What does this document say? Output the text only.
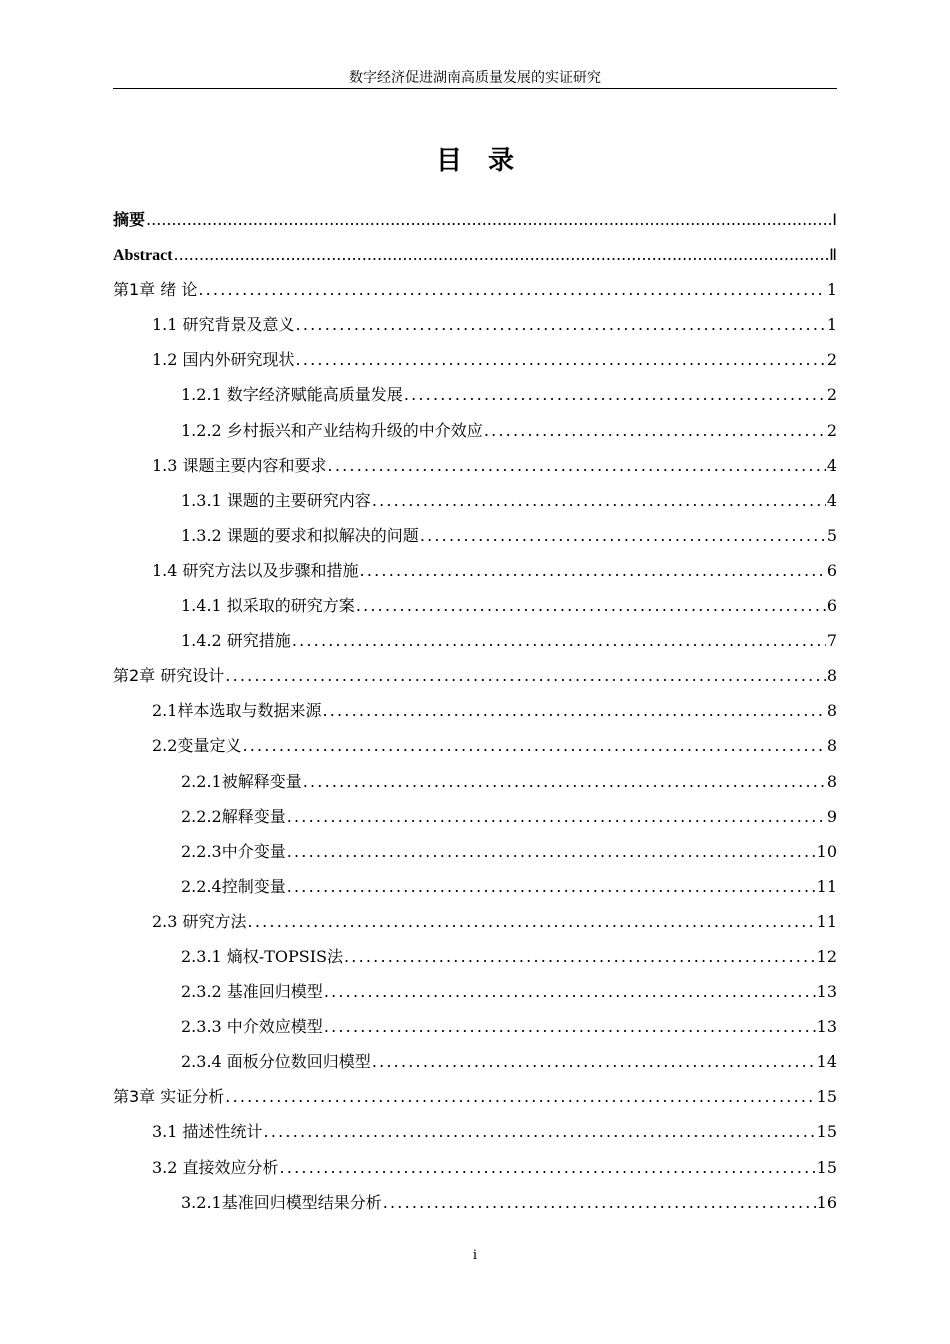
数字经济促进湖南高质量发展的实证研究
目录
摘要 .....	Ⅰ
Abstract .....	Ⅱ
第1章 绪 论 .....	1
1.1 研究背景及意义 .....	1
1.2 国内外研究现状 .....	2
1.2.1 数字经济赋能高质量发展 .....	2
1.2.2 乡村振兴和产业结构升级的中介效应 .....	2
1.3 课题主要内容和要求 .....	4
1.3.1 课题的主要研究内容 .....	4
1.3.2 课题的要求和拟解决的问题 .....	5
1.4 研究方法以及步骤和措施 .....	6
1.4.1 拟采取的研究方案 .....	6
1.4.2 研究措施 .....	7
第2章 研究设计 .....	8
2.1样本选取与数据来源 .....	8
2.2变量定义 .....	8
2.2.1被解释变量 .....	8
2.2.2解释变量 .....	9
2.2.3中介变量 .....	10
2.2.4控制变量 .....	11
2.3 研究方法 .....	11
2.3.1 熵权-TOPSIS法 .....	12
2.3.2 基准回归模型 .....	13
2.3.3 中介效应模型 .....	13
2.3.4 面板分位数回归模型 .....	14
第3章 实证分析 .....	15
3.1 描述性统计 .....	15
3.2 直接效应分析 .....	15
3.2.1基准回归模型结果分析 .....	16
i
